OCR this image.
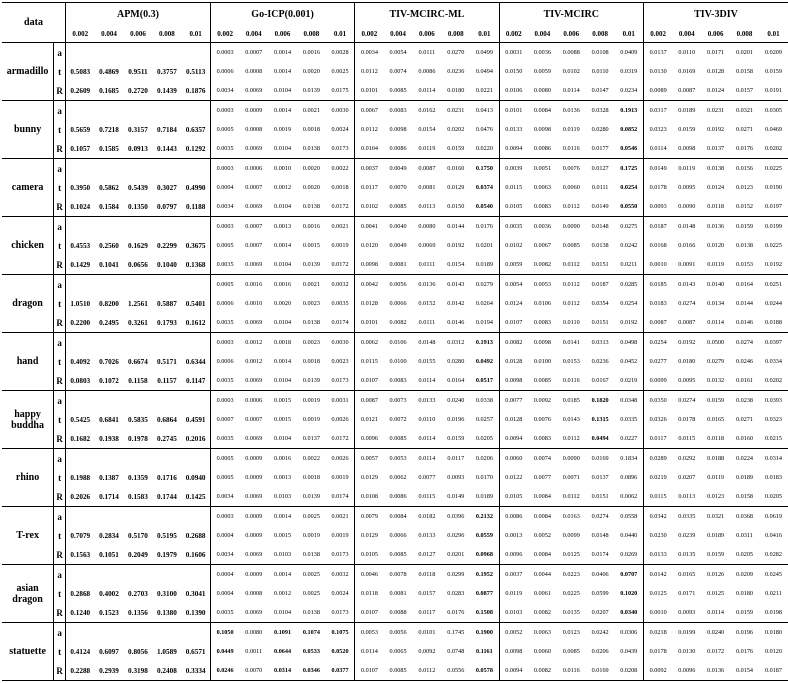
data		APM(0.3)					Go-ICP(0.001)					TIV-MCIRC-ML					TIV-MCIRC					TIV-3DIV				
		0.002	0.004	0.006	0.008	0.01	0.002	0.004	0.006	0.008	0.01	0.002	0.004	0.006	0.008	0.01	0.002	0.004	0.006	0.008	0.01	0.002	0.004	0.006	0.008	0.01
armadillo	a						0.0003	0.0007	0.0014	0.0016	0.0028	0.0034	0.0054	0.0111	0.0270	0.0499	0.0031	0.0036	0.0088	0.0108	0.0409	0.0137	0.0110	0.0171	0.0201	0.0209
	t	0.5083	0.4869	0.9511	0.3757	0.5113	0.0006	0.0008	0.0014	0.0020	0.0025	0.0112	0.0074	0.0086	0.0236	0.0494	0.0150	0.0059	0.0102	0.0110	0.0319	0.0130	0.0169	0.0128	0.0158	0.0159
	R	0.2609	0.1685	0.2720	0.1439	0.1876	0.0034	0.0069	0.0104	0.0139	0.0175	0.0101	0.0085	0.0114	0.0180	0.0221	0.0106	0.0080	0.0114	0.0147	0.0234	0.0089	0.0087	0.0124	0.0157	0.0191
bunny	a						0.0003	0.0009	0.0014	0.0021	0.0030	0.0067	0.0083	0.0162	0.0231	0.0413	0.0101	0.0084	0.0136	0.0328	0.1913	0.0317	0.0189	0.0231	0.0321	0.0305
	t	0.5659	0.7218	0.3157	0.7184	0.6357	0.0005	0.0008	0.0019	0.0018	0.0024	0.0112	0.0098	0.0154	0.0202	0.0476	0.0133	0.0098	0.0119	0.0280	0.0852	0.0323	0.0159	0.0192	0.0271	0.0469
	R	0.1057	0.1585	0.0913	0.1443	0.1292	0.0035	0.0069	0.0104	0.0138	0.0173	0.0104	0.0086	0.0119	0.0159	0.0220	0.0094	0.0086	0.0116	0.0177	0.0546	0.0114	0.0098	0.0137	0.0176	0.0202
camera	a						0.0003	0.0006	0.0010	0.0020	0.0022	0.0037	0.0049	0.0087	0.0160	0.1750	0.0039	0.0051	0.0076	0.0127	0.1725	0.0149	0.0119	0.0138	0.0156	0.0225
	t	0.3950	0.5862	0.5439	0.3027	0.4990	0.0004	0.0007	0.0012	0.0020	0.0018	0.0117	0.0070	0.0081	0.0129	0.0374	0.0115	0.0063	0.0060	0.0111	0.0254	0.0178	0.0095	0.0124	0.0123	0.0190
	R	0.1024	0.1584	0.1350	0.0797	0.1188	0.0034	0.0069	0.0104	0.0138	0.0172	0.0102	0.0085	0.0113	0.0150	0.0540	0.0105	0.0083	0.0112	0.0149	0.0550	0.0093	0.0090	0.0118	0.0152	0.0197
chicken	a						0.0003	0.0007	0.0013	0.0016	0.0021	0.0041	0.0040	0.0080	0.0144	0.0176	0.0035	0.0036	0.0090	0.0148	0.0275	0.0187	0.0148	0.0136	0.0159	0.0199
	t	0.4553	0.2560	0.1629	0.2299	0.3675	0.0005	0.0007	0.0014	0.0015	0.0019	0.0120	0.0049	0.0069	0.0192	0.0201	0.0102	0.0067	0.0085	0.0138	0.0242	0.0168	0.0166	0.0120	0.0138	0.0225
	R	0.1429	0.1041	0.0656	0.1040	0.1368	0.0035	0.0069	0.0104	0.0139	0.0172	0.0098	0.0081	0.0111	0.0154	0.0189	0.0059	0.0082	0.0112	0.0151	0.0211	0.0010	0.0091	0.0119	0.0153	0.0192
dragon	a						0.0005	0.0016	0.0016	0.0021	0.0032	0.0042	0.0056	0.0136	0.0143	0.0279	0.0054	0.0053	0.0112	0.0187	0.0285	0.0185	0.0143	0.0140	0.0164	0.0251
	t	1.0510	0.8200	1.2561	0.5887	0.5401	0.0006	0.0010	0.0020	0.0023	0.0035	0.0128	0.0066	0.0152	0.0142	0.0264	0.0124	0.0106	0.0112	0.0354	0.0254	0.0183	0.0274	0.0134	0.0144	0.0244
	R	0.2200	0.2495	0.3261	0.1793	0.1612	0.0035	0.0069	0.0104	0.0138	0.0174	0.0101	0.0082	0.0111	0.0146	0.0194	0.0107	0.0083	0.0110	0.0151	0.0192	0.0087	0.0087	0.0114	0.0146	0.0188
hand	a						0.0003	0.0012	0.0018	0.0023	0.0030	0.0062	0.0106	0.0148	0.0312	0.1913	0.0082	0.0098	0.0141	0.0313	0.0498	0.0254	0.0192	0.0500	0.0274	0.0397
	t	0.4092	0.7026	0.6674	0.5171	0.6344	0.0006	0.0012	0.0014	0.0018	0.0023	0.0115	0.0100	0.0155	0.0280	0.0492	0.0128	0.0100	0.0153	0.0236	0.0452	0.0277	0.0180	0.0279	0.0246	0.0334
	R	0.0803	0.1072	0.1158	0.1157	0.1147	0.0035	0.0069	0.0104	0.0139	0.0173	0.0107	0.0083	0.0114	0.0164	0.0517	0.0098	0.0085	0.0116	0.0167	0.0219	0.0099	0.0095	0.0132	0.0161	0.0202
happy buddha	a						0.0003	0.0006	0.0015	0.0019	0.0031	0.0087	0.0073	0.0133	0.0240	0.0338	0.0077	0.0092	0.0185	0.1820	0.0348	0.0350	0.0274	0.0159	0.0238	0.0393
	t	0.5425	0.6841	0.5835	0.6864	0.4591	0.0007	0.0007	0.0015	0.0019	0.0026	0.0121	0.0072	0.0110	0.0196	0.0257	0.0128	0.0076	0.0143	0.1315	0.0335	0.0326	0.0178	0.0165	0.0271	0.0323
	R	0.1682	0.1938	0.1978	0.2745	0.2016	0.0035	0.0069	0.0104	0.0137	0.0172	0.0096	0.0085	0.0114	0.0159	0.0205	0.0094	0.0083	0.0112	0.0494	0.0227	0.0117	0.0115	0.0118	0.0160	0.0215
rhino	a						0.0005	0.0009	0.0016	0.0022	0.0026	0.0057	0.0053	0.0114	0.0117	0.0206	0.0060	0.0074	0.0090	0.0169	0.1834	0.0289	0.0292	0.0188	0.0224	0.0314
	t	0.1988	0.1387	0.1359	0.1716	0.0940	0.0005	0.0009	0.0013	0.0018	0.0019	0.0129	0.0062	0.0077	0.0093	0.0170	0.0122	0.0077	0.0071	0.0137	0.0896	0.0219	0.0207	0.0119	0.0189	0.0183
	R	0.2026	0.1714	0.1583	0.1744	0.1425	0.0034	0.0069	0.0103	0.0139	0.0174	0.0108	0.0086	0.0115	0.0149	0.0189	0.0105	0.0084	0.0112	0.0151	0.0062	0.0115	0.0113	0.0123	0.0158	0.0205
T-rex	a						0.0003	0.0009	0.0014	0.0025	0.0021	0.0079	0.0084	0.0182	0.0396	0.2132	0.0086	0.0084	0.0163	0.0274	0.0558	0.0342	0.0335	0.0321	0.0368	0.0619
	t	0.7079	0.2834	0.5170	0.5195	0.2688	0.0004	0.0009	0.0015	0.0019	0.0019	0.0129	0.0066	0.0133	0.0296	0.0559	0.0013	0.0052	0.0099	0.0148	0.0440	0.0230	0.0239	0.0189	0.0311	0.0416
	R	0.1563	0.1051	0.2049	0.1979	0.1606	0.0034	0.0069	0.0103	0.0138	0.0173	0.0105	0.0085	0.0127	0.0201	0.0968	0.0096	0.0084	0.0125	0.0174	0.0269	0.0133	0.0135	0.0159	0.0205	0.0282
asian dragon	a						0.0004	0.0009	0.0014	0.0025	0.0032	0.0046	0.0078	0.0118	0.0299	0.1952	0.0037	0.0044	0.0223	0.0406	0.0707	0.0142	0.0165	0.0126	0.0209	0.0245
	t	0.2868	0.4002	0.2703	0.3100	0.3041	0.0004	0.0008	0.0012	0.0025	0.0024	0.0118	0.0081	0.0157	0.0283	0.0877	0.0119	0.0061	0.0225	0.0599	0.1020	0.0125	0.0171	0.0125	0.0180	0.0211
	R	0.1240	0.1523	0.1356	0.1380	0.1390	0.0035	0.0069	0.0104	0.0138	0.0173	0.0107	0.0088	0.0117	0.0176	0.1508	0.0103	0.0082	0.0135	0.0207	0.0340	0.0010	0.0093	0.0114	0.0159	0.0198
statuette	a						0.1050	0.0080	0.1091	0.1074	0.1075	0.0053	0.0056	0.0101	0.1745	0.1900	0.0052	0.0063	0.0123	0.0242	0.0306	0.0218	0.0199	0.0240	0.0196	0.0180
	t	0.4124	0.6097	0.8056	1.0589	0.6571	0.0449	0.0011	0.0644	0.0533	0.0520	0.0114	0.0065	0.0092	0.0748	0.1161	0.0098	0.0060	0.0085	0.0206	0.0439	0.0178	0.0130	0.0172	0.0176	0.0120
	R	0.2288	0.2939	0.3198	0.2408	0.3334	0.0246	0.0070	0.0314	0.0346	0.0377	0.0107	0.0085	0.0112	0.0556	0.0578	0.0094	0.0082	0.0116	0.0169	0.0208	0.0092	0.0096	0.0136	0.0154	0.0187
